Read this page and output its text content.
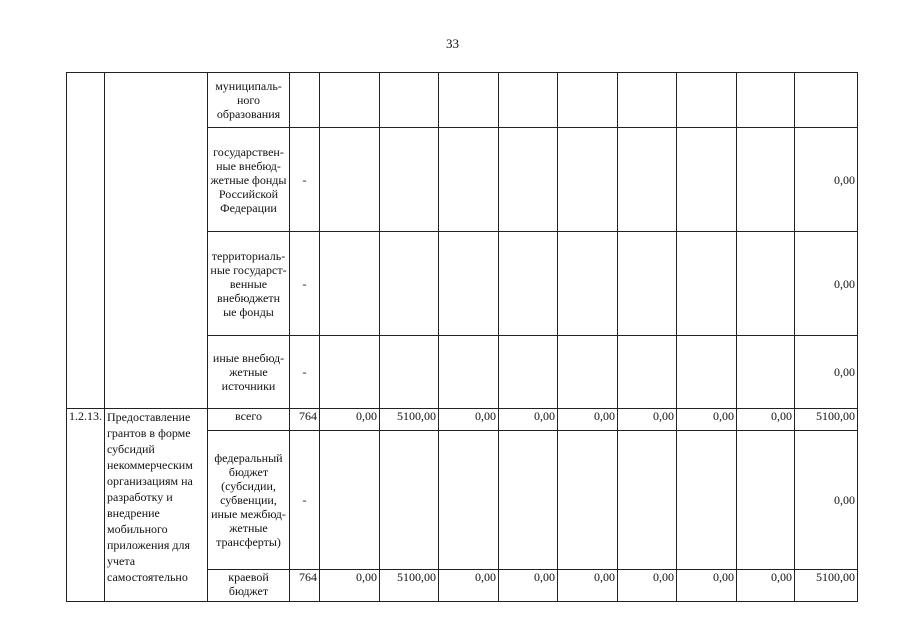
33
		муниципаль-ного образования										
		государствен-ные внебюд-жетные фонды Российской Федерации	-									0,00
		территориаль-ные государст-венные внебюджетн ые фонды	-									0,00
		иные внебюд-жетные источники	-									0,00
1.2.13.	Предоставление грантов в форме субсидий некоммерческим организациям на разработку и внедрение мобильного приложения для учета самостоятельно	всего	764	0,00	5100,00	0,00	0,00	0,00	0,00	0,00	0,00	5100,00
		федеральный бюджет (субсидии, субвенции, иные межбюд-жетные трансферты)	-									0,00
		краевой бюджет	764	0,00	5100,00	0,00	0,00	0,00	0,00	0,00	0,00	5100,00
